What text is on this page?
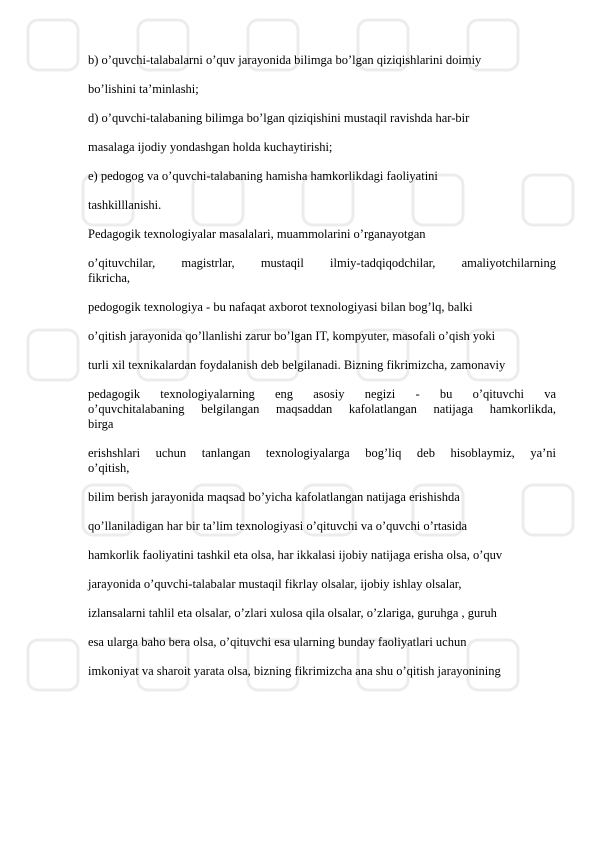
b) o’quvchi-talabalarni o’quv jarayonida bilimga bo’lgan qiziqishlarini doimiy

bo’lishini ta’minlashi;

d) o’quvchi-talabaning bilimga bo’lgan qiziqishini mustaqil ravishda har-bir

masalaga ijodiy yondashgan holda kuchaytirishi;

e) pedogog va o’quvchi-talabaning hamisha hamkorlikdagi faoliyatini

tashkilllanishi.

Pedagogik texnologiyalar masalalari, muammolarini o’rganayotgan

o’qituvchilar, magistrlar, mustaqil ilmiy-tadqiqodchilar, amaliyotchilarning

fikricha,

pedogogik texnologiya - bu nafaqat axborot texnologiyasi bilan bog’lq, balki

o’qitish jarayonida qo’llanlishi zarur bo’lgan IT, kompyuter, masofali o’qish yoki

turli xil texnikalardan foydalanish deb belgilanadi. Bizning fikrimizcha, zamonaviy

pedagogik texnologiyalarning eng asosiy negizi - bu o’qituvchi va

o’quvchitalabaning belgilangan maqsaddan kafolatlangan natijaga hamkorlikda,

birga

erishshlari uchun tanlangan texnologiyalarga bog’liq deb hisoblaymiz, ya’ni

o’qitish,

bilim berish jarayonida maqsad bo’yicha kafolatlangan natijaga erishishda

qo’llaniladigan har bir ta’lim texnologiyasi o’qituvchi va o’quvchi o’rtasida

hamkorlik faoliyatini tashkil eta olsa, har ikkalasi ijobiy natijaga erisha olsa, o’quv

jarayonida o’quvchi-talabalar mustaqil fikrlay olsalar, ijobiy ishlay olsalar,

izlansalarni tahlil eta olsalar, o’zlari xulosa qila olsalar, o’zlariga, guruhga , guruh

esa ularga baho bera olsa, o’qituvchi esa ularning bunday faoliyatlari uchun

imkoniyat va sharoit yarata olsa, bizning fikrimizcha ana shu o’qitish jarayonining
